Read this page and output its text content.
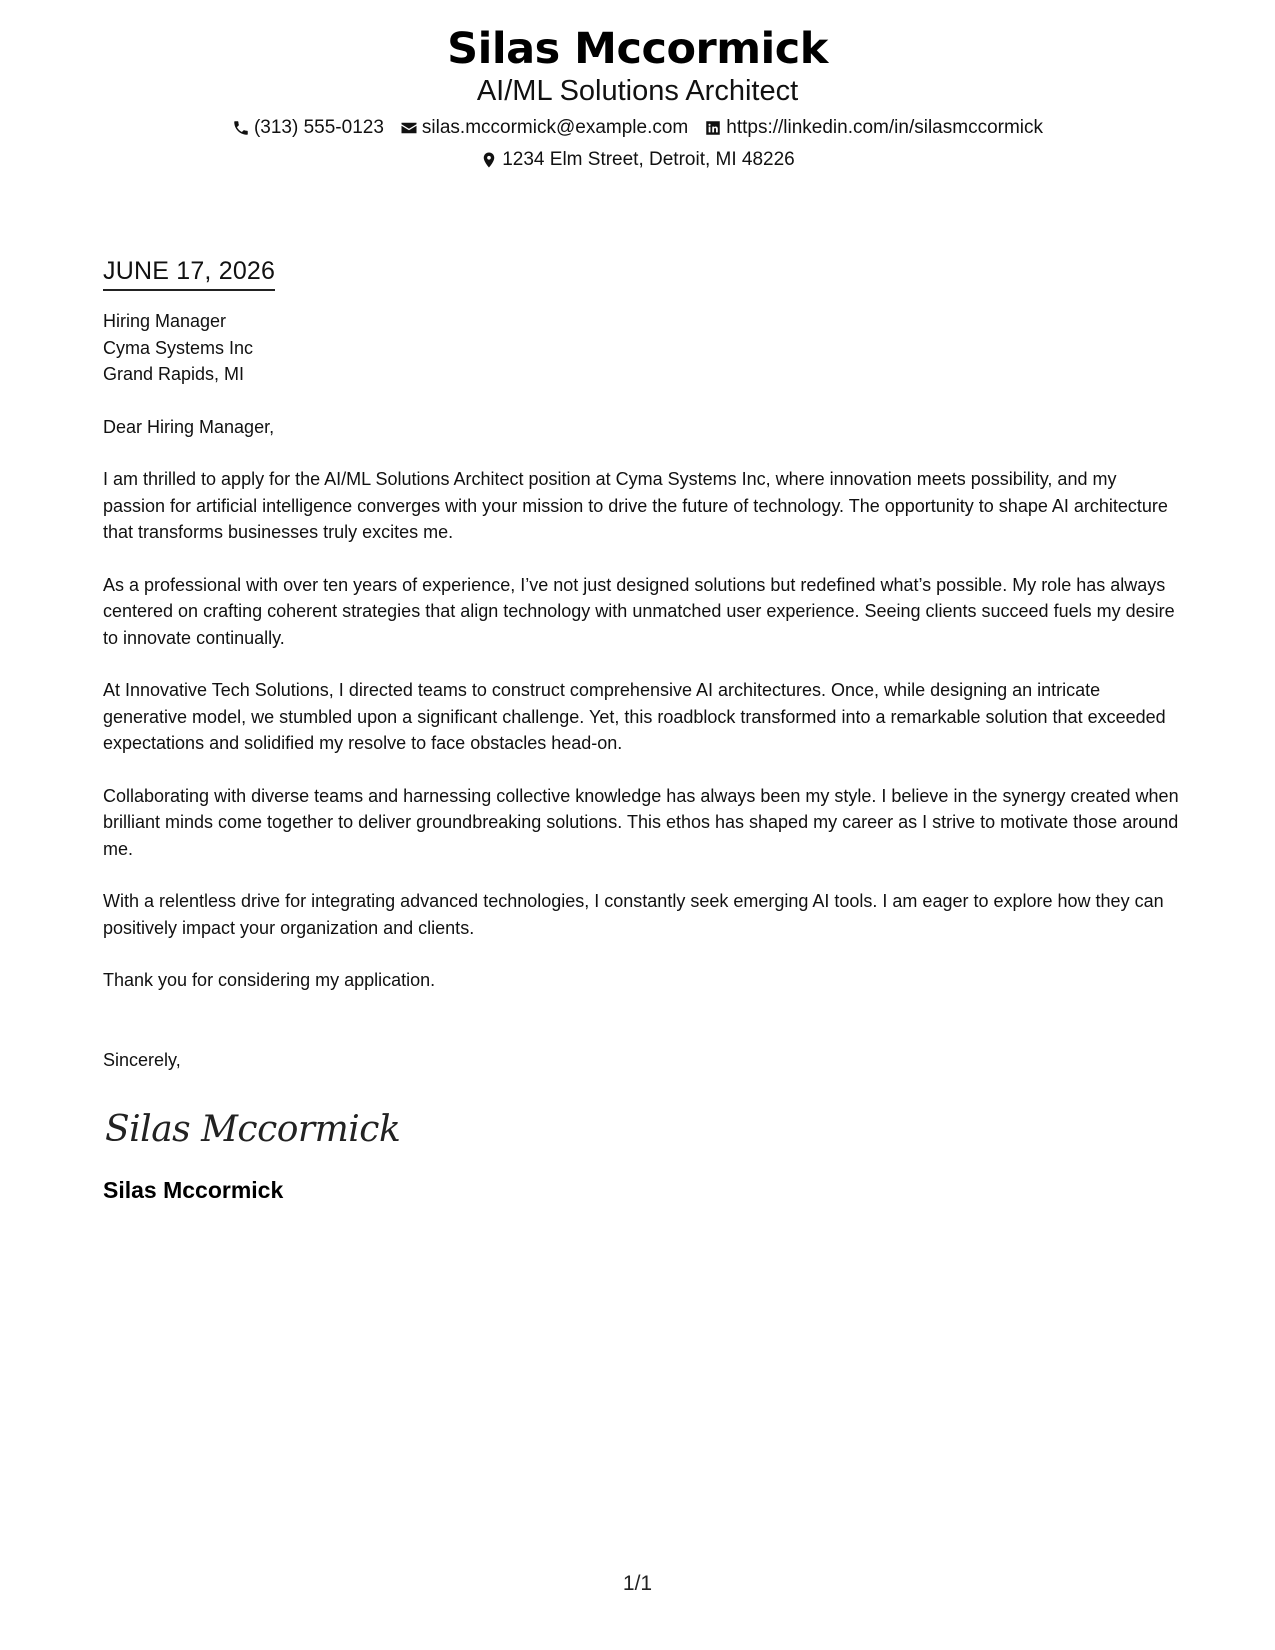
Silas Mccormick
AI/ML Solutions Architect
(313) 555-0123 silas.mccormick@example.com https://linkedin.com/in/silasmccormick
1234 Elm Street, Detroit, MI 48226
JUNE 17, 2026
Hiring Manager
Cyma Systems Inc
Grand Rapids, MI
Dear Hiring Manager,
I am thrilled to apply for the AI/ML Solutions Architect position at Cyma Systems Inc, where innovation meets possibility, and my passion for artificial intelligence converges with your mission to drive the future of technology. The opportunity to shape AI architecture that transforms businesses truly excites me.
As a professional with over ten years of experience, I’ve not just designed solutions but redefined what’s possible. My role has always centered on crafting coherent strategies that align technology with unmatched user experience. Seeing clients succeed fuels my desire to innovate continually.
At Innovative Tech Solutions, I directed teams to construct comprehensive AI architectures. Once, while designing an intricate generative model, we stumbled upon a significant challenge. Yet, this roadblock transformed into a remarkable solution that exceeded expectations and solidified my resolve to face obstacles head-on.
Collaborating with diverse teams and harnessing collective knowledge has always been my style. I believe in the synergy created when brilliant minds come together to deliver groundbreaking solutions. This ethos has shaped my career as I strive to motivate those around me.
With a relentless drive for integrating advanced technologies, I constantly seek emerging AI tools. I am eager to explore how they can positively impact your organization and clients.
Thank you for considering my application.
Sincerely,
Silas Mccormick
Silas Mccormick
1/1
